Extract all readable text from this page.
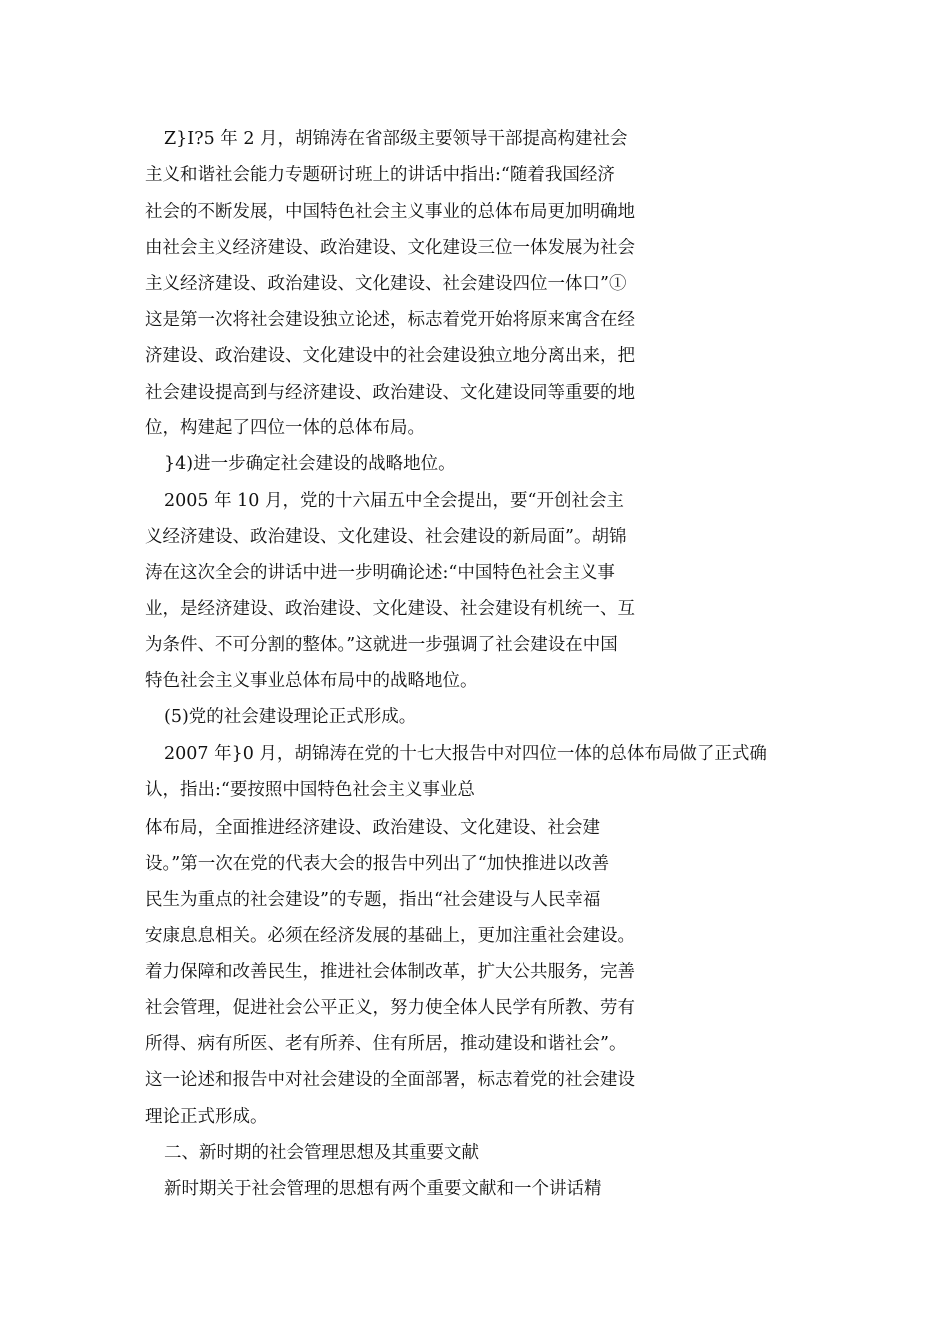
Z}I?5 年 2 月，胡锦涛在省部级主要领导干部提高构建社会
主义和谐社会能力专题研讨班上的讲话中指出:“随着我国经济
社会的不断发展，中国特色社会主义事业的总体布局更加明确地
由社会主义经济建设、政治建设、文化建设三位一体发展为社会
主义经济建设、政治建设、文化建设、社会建设四位一体口”①
这是第一次将社会建设独立论述，标志着党开始将原来寓含在经
济建设、政治建设、文化建设中的社会建设独立地分离出来，把
社会建设提高到与经济建设、政治建设、文化建设同等重要的地
位，构建起了四位一体的总体布局。
}4)进一步确定社会建设的战略地位。
2005 年 10 月，党的十六届五中全会提出，要“开创社会主
义经济建设、政治建设、文化建设、社会建设的新局面”。胡锦
涛在这次全会的讲话中进一步明确论述:“中国特色社会主义事
业，是经济建设、政治建设、文化建设、社会建设有机统一、互
为条件、不可分割的整体。”这就进一步强调了社会建设在中国
特色社会主义事业总体布局中的战略地位。
(5)党的社会建设理论正式形成。
2007 年}0 月，胡锦涛在党的十七大报告中对四位一体的总体布局做了正式确
认，指出:“要按照中国特色社会主义事业总
体布局，全面推进经济建设、政治建设、文化建设、社会建
设。”第一次在党的代表大会的报告中列出了“加快推进以改善
民生为重点的社会建设”的专题，指出“社会建设与人民幸福
安康息息相关。必须在经济发展的基础上，更加注重社会建设。
着力保障和改善民生，推进社会体制改革，扩大公共服务，完善
社会管理，促进社会公平正义，努力使全体人民学有所教、劳有
所得、病有所医、老有所养、住有所居，推动建设和谐社会”。
这一论述和报告中对社会建设的全面部署，标志着党的社会建设
理论正式形成。
二、新时期的社会管理思想及其重要文献
新时期关于社会管理的思想有两个重要文献和一个讲话精
